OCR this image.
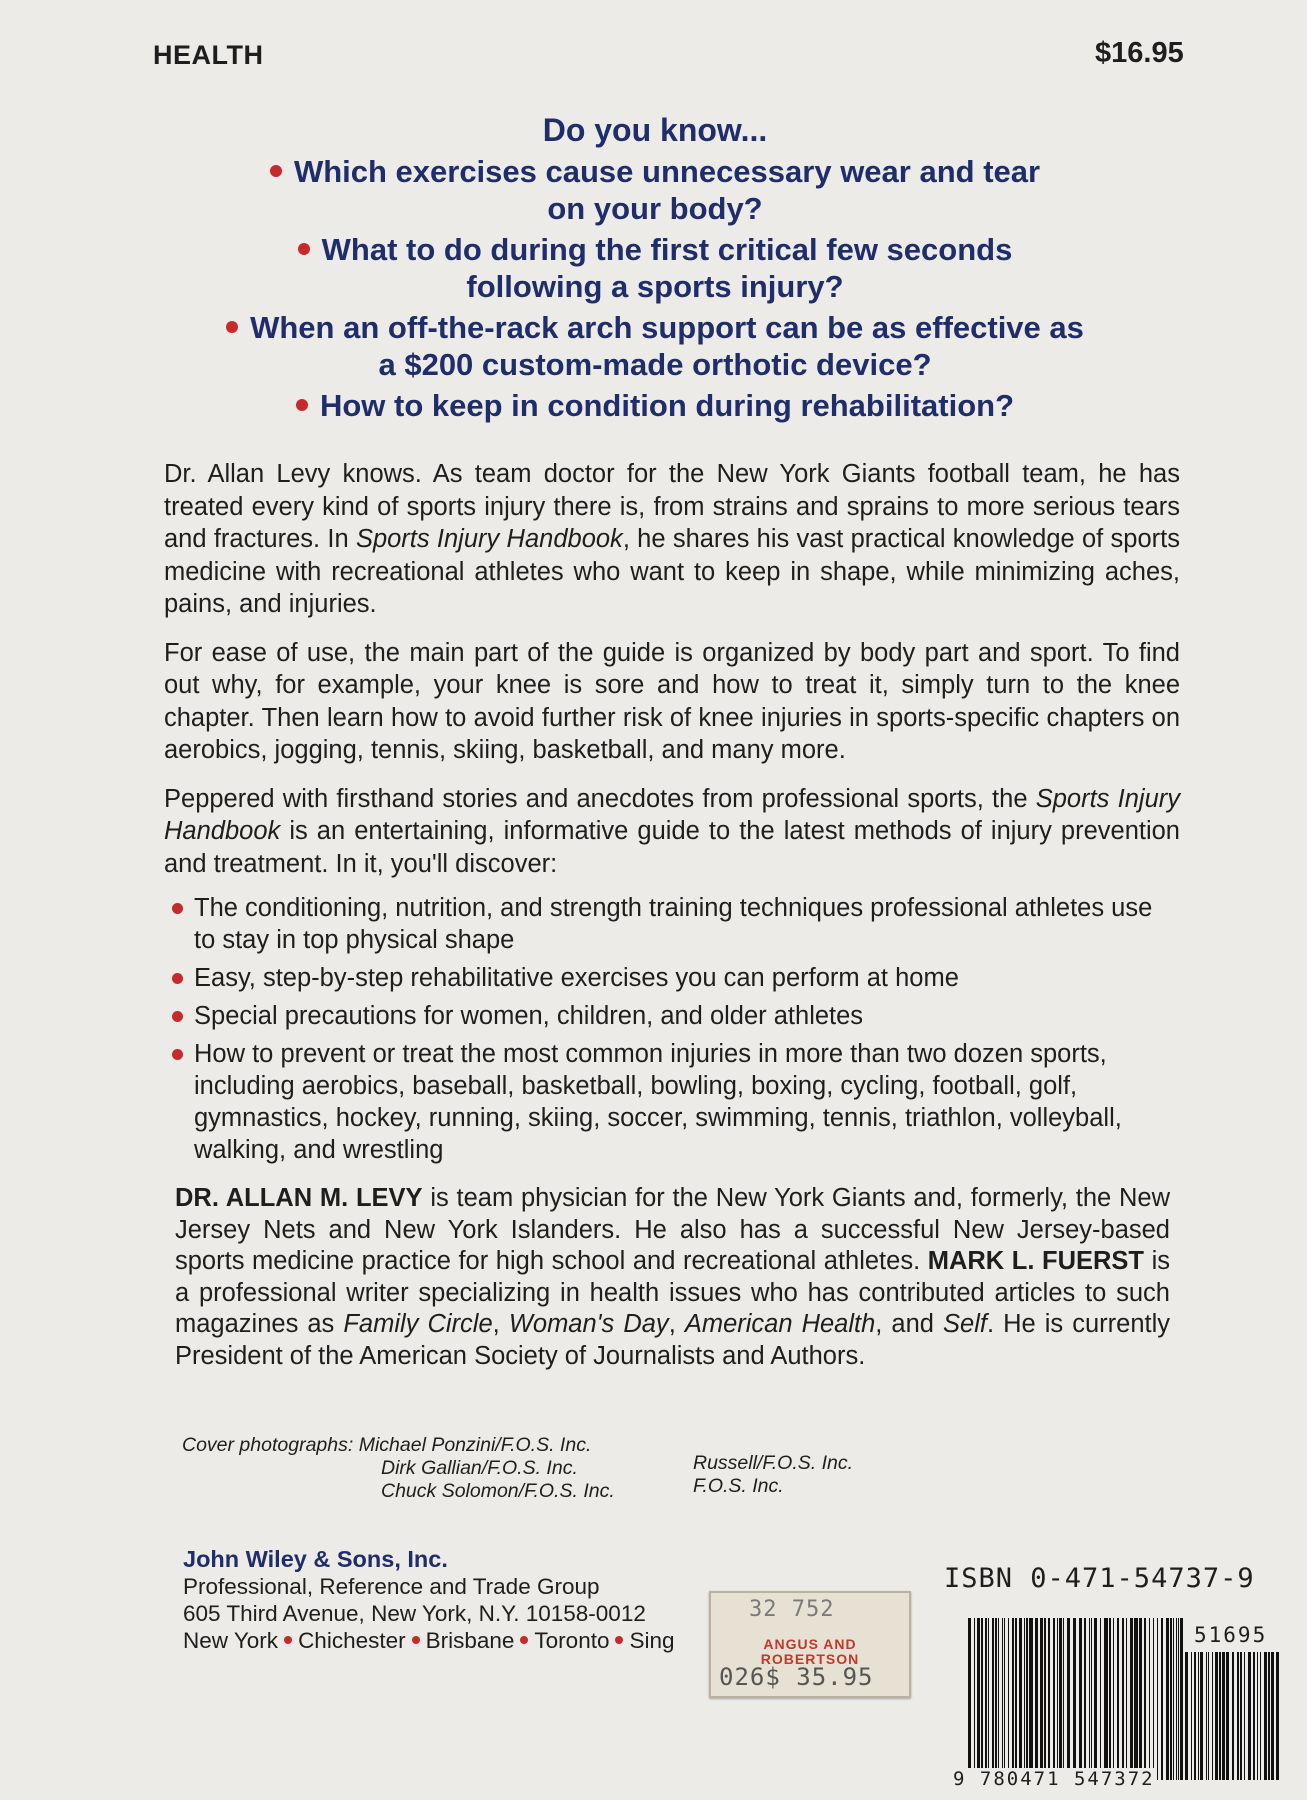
HEALTH	$16.95
Do you know...
Which exercises cause unnecessary wear and tear
on your body?
What to do during the first critical few seconds
following a sports injury?
When an off-the-rack arch support can be as effective as
a $200 custom-made orthotic device?
How to keep in condition during rehabilitation?

Dr. Allan Levy knows. As team doctor for the New York Giants football team, he has treated every kind of sports injury there is, from strains and sprains to more serious tears and fractures. In Sports Injury Handbook, he shares his vast practical knowledge of sports medicine with recreational athletes who want to keep in shape, while minimizing aches, pains, and injuries.

For ease of use, the main part of the guide is organized by body part and sport. To find out why, for example, your knee is sore and how to treat it, simply turn to the knee chapter. Then learn how to avoid further risk of knee injuries in sports-specific chapters on aerobics, jogging, tennis, skiing, basketball, and many more.

Peppered with firsthand stories and anecdotes from professional sports, the Sports Injury Handbook is an entertaining, informative guide to the latest methods of injury prevention and treatment. In it, you'll discover:

The conditioning, nutrition, and strength training techniques professional athletes use to stay in top physical shape
Easy, step-by-step rehabilitative exercises you can perform at home
Special precautions for women, children, and older athletes
How to prevent or treat the most common injuries in more than two dozen sports, including aerobics, baseball, basketball, bowling, boxing, cycling, football, golf, gymnastics, hockey, running, skiing, soccer, swimming, tennis, triathlon, volleyball, walking, and wrestling

DR. ALLAN M. LEVY is team physician for the New York Giants and, formerly, the New Jersey Nets and New York Islanders. He also has a successful New Jersey-based sports medicine practice for high school and recreational athletes. MARK L. FUERST is a professional writer specializing in health issues who has contributed articles to such magazines as Family Circle, Woman's Day, American Health, and Self. He is currently President of the American Society of Journalists and Authors.

Cover photographs: Michael Ponzini/F.O.S. Inc.
Dirk Gallian/F.O.S. Inc.
Chuck Solomon/F.O.S. Inc.
Russell/F.O.S. Inc.
F.O.S. Inc.
John Wiley & Sons, Inc.
Professional, Reference and Trade Group
605 Third Avenue, New York, N.Y. 10158-0012
New York Chichester Brisbane Toronto Sing
32 752
ANGUS AND
ROBERTSON
026$ 35.95
ISBN 0-471-54737-9
51695
9 780471 547372
